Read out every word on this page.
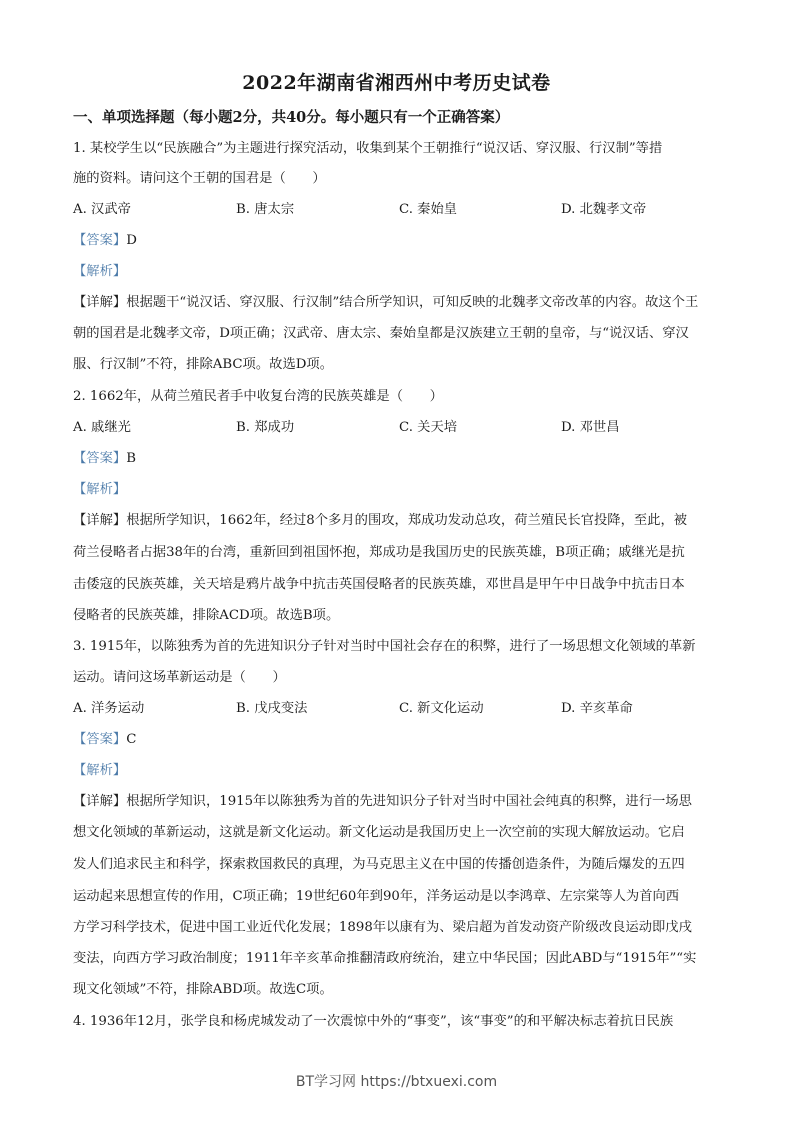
2022年湖南省湘西州中考历史试卷
一、单项选择题（每小题2分，共40分。每小题只有一个正确答案）
1. 某校学生以“民族融合”为主题进行探究活动，收集到某个王朝推行“说汉话、穿汉服、行汉制”等措
施的资料。请问这个王朝的国君是（　　）
A. 汉武帝	B. 唐太宗	C. 秦始皇	D. 北魏孝文帝
【答案】D
【解析】
【详解】根据题干“说汉话、穿汉服、行汉制”结合所学知识，可知反映的北魏孝文帝改革的内容。故这个王
朝的国君是北魏孝文帝，D项正确；汉武帝、唐太宗、秦始皇都是汉族建立王朝的皇帝，与“说汉话、穿汉
服、行汉制”不符，排除ABC项。故选D项。
2. 1662年，从荷兰殖民者手中收复台湾的民族英雄是（　　）
A. 戚继光	B. 郑成功	C. 关天培	D. 邓世昌
【答案】B
【解析】
【详解】根据所学知识，1662年，经过8个多月的围攻，郑成功发动总攻，荷兰殖民长官投降，至此，被
荷兰侵略者占据38年的台湾，重新回到祖国怀抱，郑成功是我国历史的民族英雄，B项正确；戚继光是抗
击倭寇的民族英雄，关天培是鸦片战争中抗击英国侵略者的民族英雄，邓世昌是甲午中日战争中抗击日本
侵略者的民族英雄，排除ACD项。故选B项。
3. 1915年，以陈独秀为首的先进知识分子针对当时中国社会存在的积弊，进行了一场思想文化领域的革新
运动。请问这场革新运动是（　　）
A. 洋务运动	B. 戊戌变法	C. 新文化运动	D. 辛亥革命
【答案】C
【解析】
【详解】根据所学知识，1915年以陈独秀为首的先进知识分子针对当时中国社会纯真的积弊，进行一场思
想文化领域的革新运动，这就是新文化运动。新文化运动是我国历史上一次空前的实现大解放运动。它启
发人们追求民主和科学，探索救国救民的真理，为马克思主义在中国的传播创造条件，为随后爆发的五四
运动起来思想宣传的作用，C项正确；19世纪60年到90年，洋务运动是以李鸿章、左宗棠等人为首向西
方学习科学技术，促进中国工业近代化发展；1898年以康有为、梁启超为首发动资产阶级改良运动即戊戌
变法，向西方学习政治制度；1911年辛亥革命推翻清政府统治，建立中华民国；因此ABD与“1915年”“实
现文化领域”不符，排除ABD项。故选C项。
4. 1936年12月，张学良和杨虎城发动了一次震惊中外的“事变”，该“事变”的和平解决标志着抗日民族
BT学习网 https://btxuexi.com
